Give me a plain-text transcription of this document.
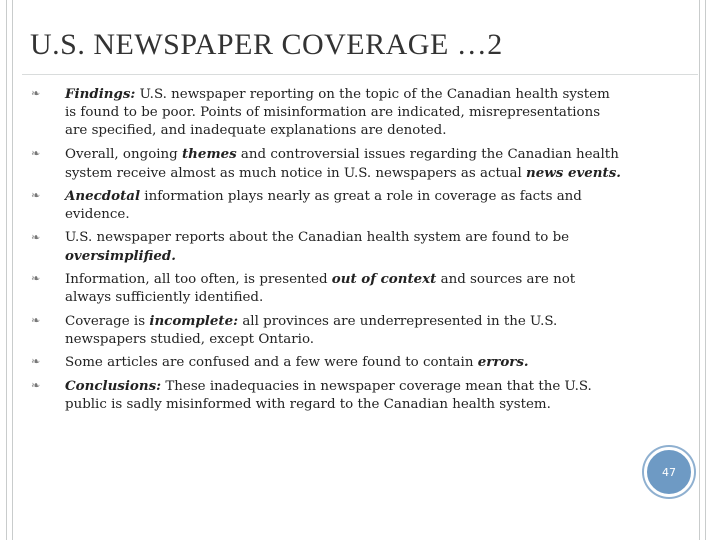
U.S. NEWSPAPER COVERAGE …2
❧ Findings: U.S. newspaper reporting on the topic of the Canadian health system is found to be poor. Points of misinformation are indicated, misrepresentations are specified, and inadequate explanations are denoted.
❧ Overall, ongoing themes and controversial issues regarding the Canadian health system receive almost as much notice in U.S. newspapers as actual news events.
❧ Anecdotal information plays nearly as great a role in coverage as facts and evidence.
❧ U.S. newspaper reports about the Canadian health system are found to be oversimplified.
❧ Information, all too often, is presented out of context and sources are not always sufficiently identified.
❧ Coverage is incomplete: all provinces are underrepresented in the U.S. newspapers studied, except Ontario.
❧ Some articles are confused and a few were found to contain errors.
❧ Conclusions: These inadequacies in newspaper coverage mean that the U.S. public is sadly misinformed with regard to the Canadian health system.
47
